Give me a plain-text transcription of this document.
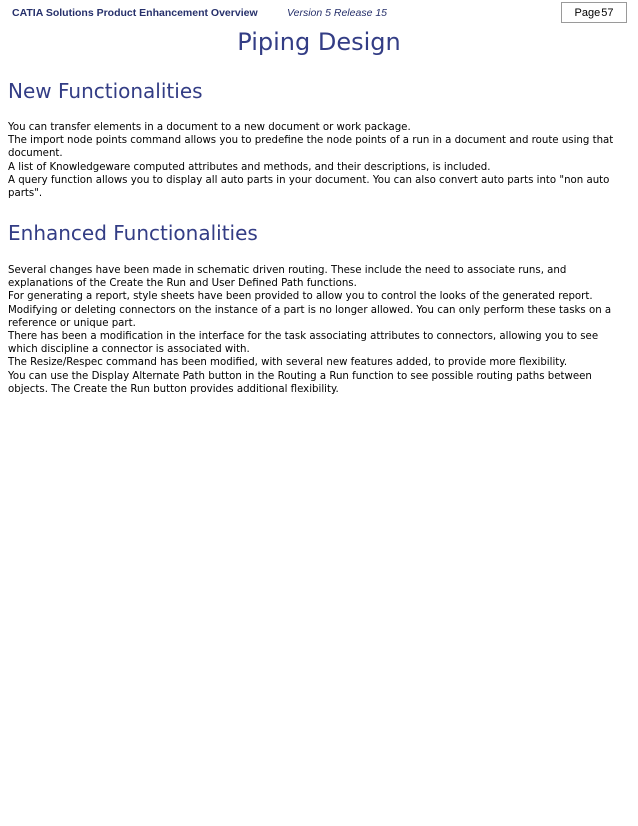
CATIA Solutions Product Enhancement Overview	Version 5 Release 15	Page 57
Piping Design
New Functionalities

You can transfer elements in a document to a new document or work package.

The import node points command allows you to predefine the node points of a run in a document and route using that document.

A list of Knowledgeware computed attributes and methods, and their descriptions, is included.

A query function allows you to display all auto parts in your document. You can also convert auto parts into "non auto parts".

Enhanced Functionalities

Several changes have been made in schematic driven routing. These include the need to associate runs, and explanations of the Create the Run and User Defined Path functions.

For generating a report, style sheets have been provided to allow you to control the looks of the generated report.

Modifying or deleting connectors on the instance of a part is no longer allowed. You can only perform these tasks on a reference or unique part.

There has been a modification in the interface for the task associating attributes to connectors, allowing you to see which discipline a connector is associated with.

The Resize/Respec command has been modified, with several new features added, to provide more flexibility.

You can use the Display Alternate Path button in the Routing a Run function to see possible routing paths between objects. The Create the Run button provides additional flexibility.
